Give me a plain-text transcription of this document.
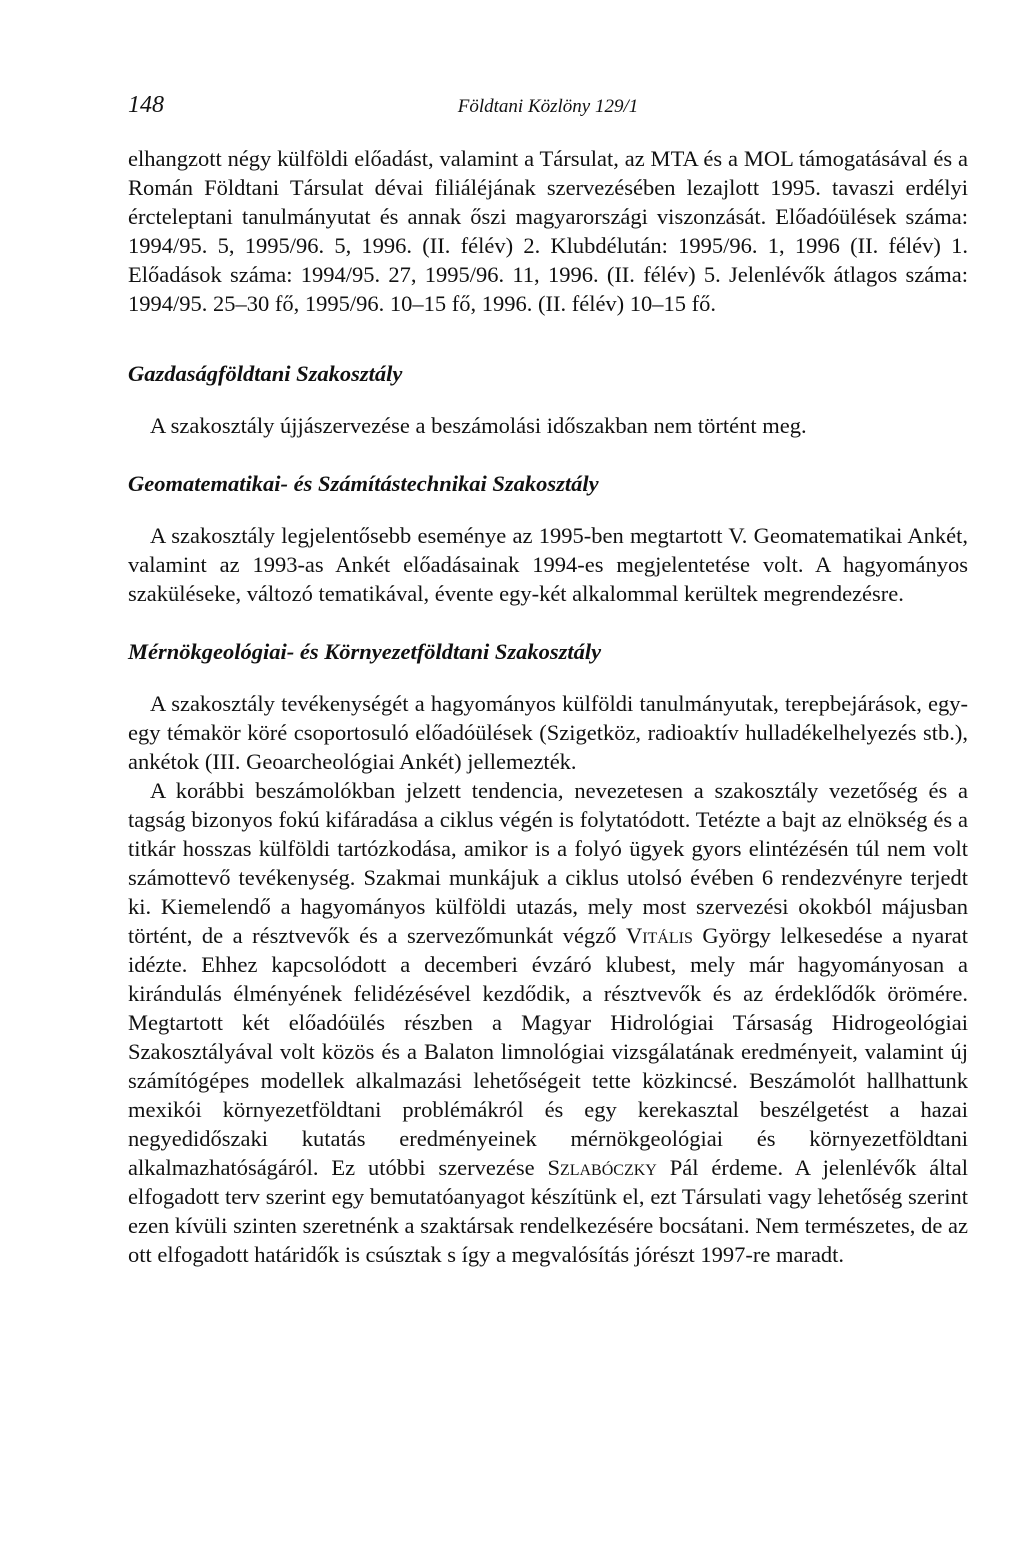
148	Földtani Közlöny 129/1

elhangzott négy külföldi előadást, valamint a Társulat, az MTA és a MOL támogatásával és a Román Földtani Társulat dévai filiáléjának szervezésében lezajlott 1995. tavaszi erdélyi ércteleptani tanulmányutat és annak őszi magyarországi viszonzását. Előadóülések száma: 1994/95. 5, 1995/96. 5, 1996. (II. félév) 2. Klubdélután: 1995/96. 1, 1996 (II. félév) 1. Előadások száma: 1994/95. 27, 1995/96. 11, 1996. (II. félév) 5. Jelenlévők átlagos száma: 1994/95. 25–30 fő, 1995/96. 10–15 fő, 1996. (II. félév) 10–15 fő.

Gazdaságföldtani Szakosztály

A szakosztály újjászervezése a beszámolási időszakban nem történt meg.

Geomatematikai- és Számítástechnikai Szakosztály

A szakosztály legjelentősebb eseménye az 1995-ben megtartott V. Geomatematikai Ankét, valamint az 1993-as Ankét előadásainak 1994-es megjelentetése volt. A hagyományos szaküléseke, változó tematikával, évente egy-két alkalommal kerültek megrendezésre.

Mérnökgeológiai- és Környezetföldtani Szakosztály

A szakosztály tevékenységét a hagyományos külföldi tanulmányutak, terepbejárások, egy-egy témakör köré csoportosuló előadóülések (Szigetköz, radioaktív hulladékelhelyezés stb.), ankétok (III. Geoarcheológiai Ankét) jellemezték.

A korábbi beszámolókban jelzett tendencia, nevezetesen a szakosztály vezetőség és a tagság bizonyos fokú kifáradása a ciklus végén is folytatódott. Tetézte a bajt az elnökség és a titkár hosszas külföldi tartózkodása, amikor is a folyó ügyek gyors elintézésén túl nem volt számottevő tevékenység. Szakmai munkájuk a ciklus utolsó évében 6 rendezvényre terjedt ki. Kiemelendő a hagyományos külföldi utazás, mely most szervezési okokból májusban történt, de a résztvevők és a szervezőmunkát végző Vitális György lelkesedése a nyarat idézte. Ehhez kapcsolódott a decemberi évzáró klubest, mely már hagyományosan a kirándulás élményének felidézésével kezdődik, a résztvevők és az érdeklődők örömére. Megtartott két előadóülés részben a Magyar Hidrológiai Társaság Hidrogeológiai Szakosztályával volt közös és a Balaton limnológiai vizsgálatának eredményeit, valamint új számítógépes modellek alkalmazási lehetőségeit tette közkincsé. Beszámolót hallhattunk mexikói környezetföldtani problémákról és egy kerekasztal beszélgetést a hazai negyedidőszaki kutatás eredményeinek mérnökgeológiai és környezetföldtani alkalmazhatóságáról. Ez utóbbi szervezése Szlabóczky Pál érdeme. A jelenlévők által elfogadott terv szerint egy bemutatóanyagot készítünk el, ezt Társulati vagy lehetőség szerint ezen kívüli szinten szeretnénk a szaktársak rendelkezésére bocsátani. Nem természetes, de az ott elfogadott határidők is csúsztak s így a megvalósítás jórészt 1997-re maradt.
